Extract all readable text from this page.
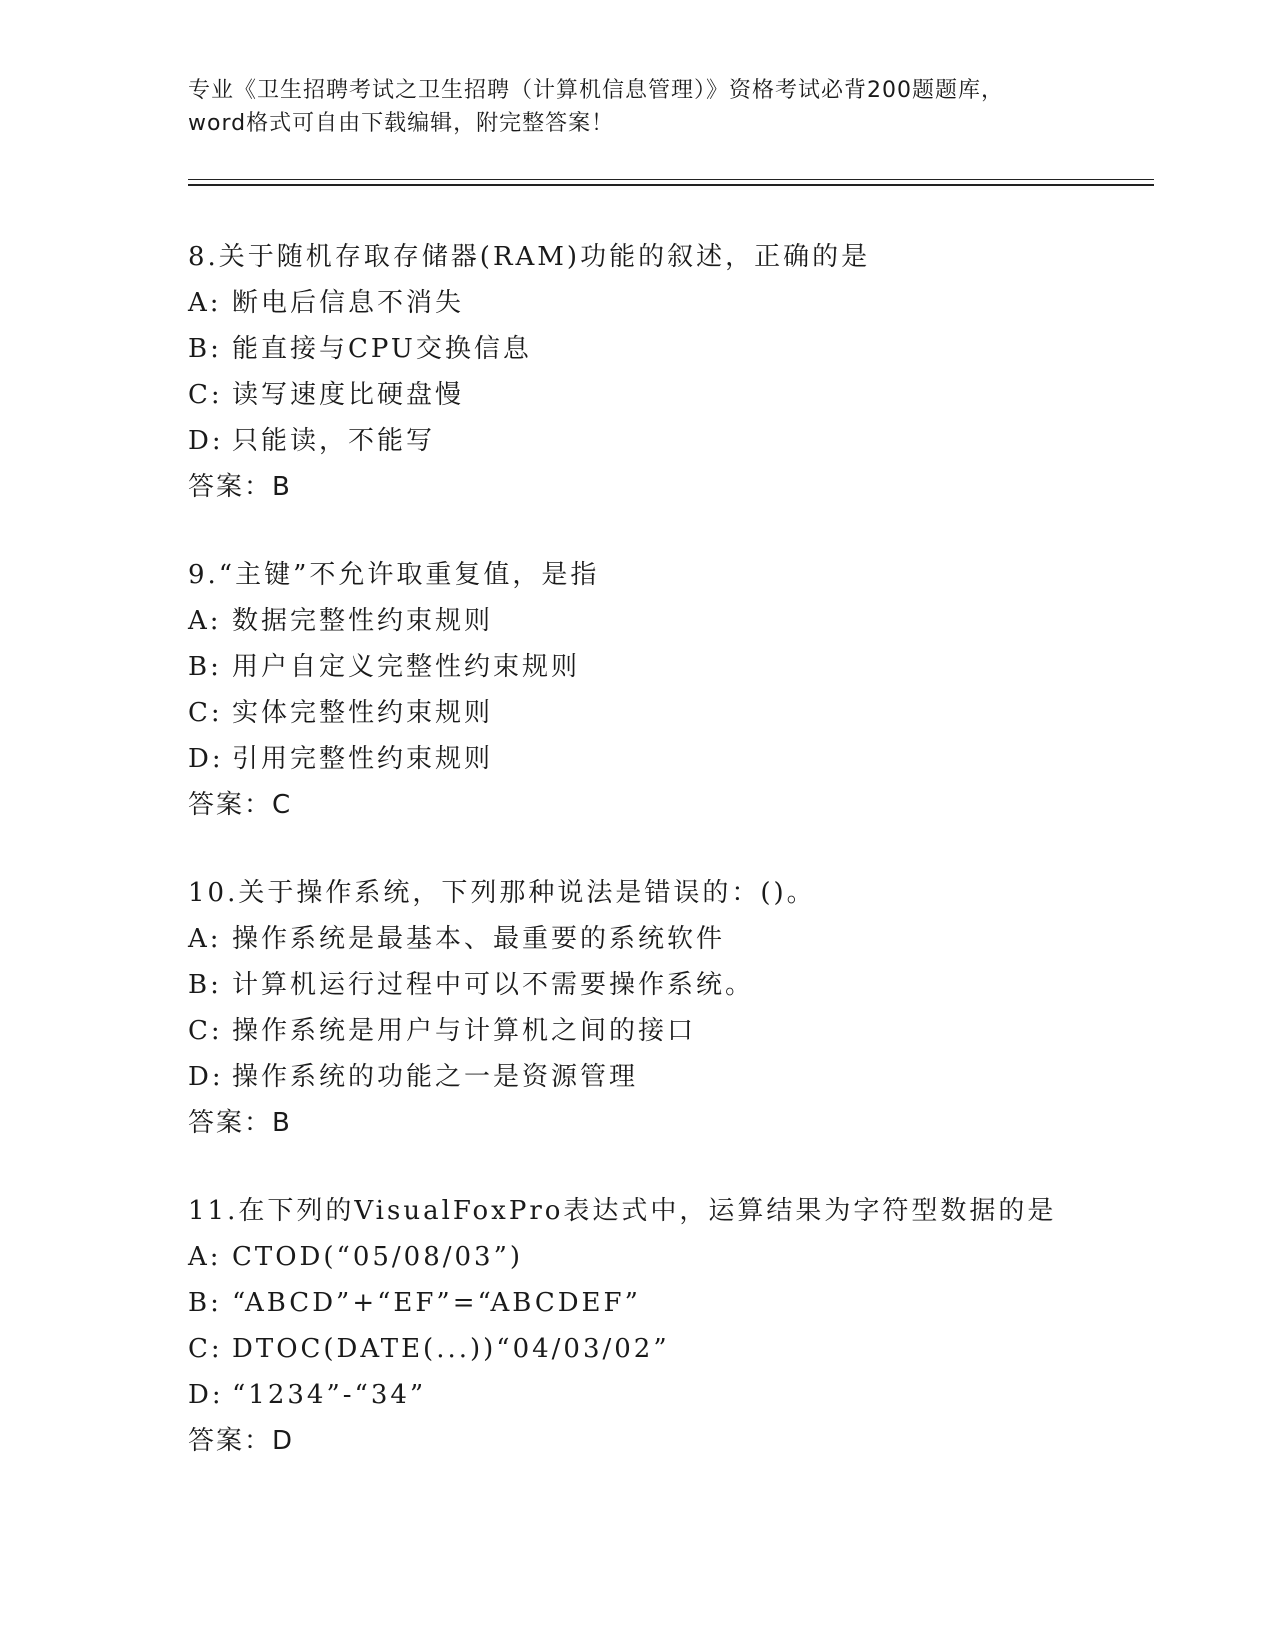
专业《卫生招聘考试之卫生招聘（计算机信息管理）》资格考试必背200题题库，
word格式可自由下载编辑，附完整答案！
8.关于随机存取存储器(RAM)功能的叙述，正确的是
A: 断电后信息不消失
B: 能直接与CPU交换信息
C: 读写速度比硬盘慢
D: 只能读，不能写
答案：B
9.“主键”不允许取重复值，是指
A: 数据完整性约束规则
B: 用户自定义完整性约束规则
C: 实体完整性约束规则
D: 引用完整性约束规则
答案：C
10.关于操作系统，下列那种说法是错误的：()。
A: 操作系统是最基本、最重要的系统软件
B: 计算机运行过程中可以不需要操作系统。
C: 操作系统是用户与计算机之间的接口
D: 操作系统的功能之一是资源管理
答案：B
11.在下列的VisualFoxPro表达式中，运算结果为字符型数据的是
A: CTOD(“05/08/03”)
B: “ABCD”+“EF”=“ABCDEF”
C: DTOC(DATE(...))“04/03/02”
D: “1234”-“34”
答案：D
